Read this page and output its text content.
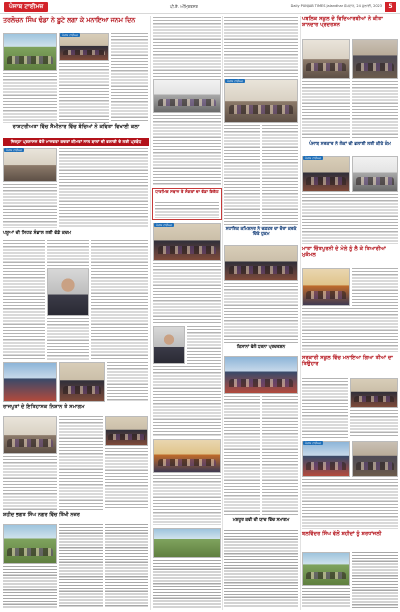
ਪੰਜਾਬ ਟਾਈਮਜ਼	ਪੀ.ਏ. ਅੰਮ੍ਰਿਤਸਰ	Daily PUNJAB TIMES Jalandhar ਸੋਮਵਾਰ, 24 ਜੁਲਾਈ, 2023	5
ਤਰਲੋਚਨ ਸਿੰਘ ਢੰਡਾ ਨੇ ਬੂਟੇ ਲਗਾ ਕੇ ਮਨਾਇਆ ਜਨਮ ਦਿਨ
ਰਾਸ਼ਟਰੀਅਤਾ ਵਿੱਚ ਸੈਮੀਨਾਰ ਵਿੱਚ ਬੱਚਿਆਂ ਨੇ ਕਵਿਤਾ ਵਿਖਾਈ ਕਲਾ
ਜ਼ਿਲ੍ਹਾ ਪ੍ਰਸ਼ਾਸਨ ਵੱਲੋਂ ਮਾਨਵਤਾ ਕਦਰਾਂ ਕੀਮਤਾਂ ਨਾਲ ਬਾਲਾਂ ਦੀ ਭਲਾਈ ਦੇ ਲਈ ਪ੍ਰਬੰਧ
ਪਸ਼ੂਆਂ ਦੀ ਸਿਹਤ ਸੰਭਾਲ ਲਈ ਵੱਡੇ ਕਦਮ
ਰਾਜਪੂਤਾਂ ਦੇ ਇਤਿਹਾਸਕ ਨਿਸ਼ਾਨ ਤੇ ਸਮਾਗਮ
ਸ਼ਹੀਦ ਭਗਤ ਸਿੰਘ ਨਗਰ ਵਿੱਚ ਤਿੱਖੀ ਨਜ਼ਰ
ਧਾਰਮਿਕ ਸਥਾਨ ਤੇ ਸੰਗਤਾਂ ਦਾ ਵੱਡਾ ਇਕੱਠ
ਸਹਾਇਕ ਕਮਿਸ਼ਨਰ ਨੇ ਦਫ਼ਤਰ ਦਾ ਦੌਰਾ ਕਰਕੇ ਦਿੱਤੇ ਹੁਕਮ
ਕਿਸਾਨਾਂ ਵੱਲੋਂ ਧਰਨਾ ਪ੍ਰਦਰਸ਼ਨ
ਮਸ਼ਹੂਰ ਕਵੀ ਦੀ ਯਾਦ ਵਿੱਚ ਸਮਾਗਮ
ਪਬਲਿਕ ਸਕੂਲ ਦੇ ਵਿਦਿਆਰਥੀਆਂ ਨੇ ਕੀਤਾ ਸ਼ਾਨਦਾਰ ਪ੍ਰਦਰਸ਼ਨ
ਪੰਜਾਬ ਸਰਕਾਰ ਨੇ ਲੋਕਾਂ ਦੀ ਭਲਾਈ ਲਈ ਕੀਤੇ ਕੰਮ
ਮਾਤਾ ਚਿੰਤਪੂਰਨੀ ਦੇ ਮੇਲੇ ਨੂੰ ਲੈ ਕੇ ਤਿਆਰੀਆਂ ਮੁਕੰਮਲ
ਸਰਕਾਰੀ ਸਕੂਲ ਵਿੱਚ ਮਨਾਇਆ ਗਿਆ ਤੀਆਂ ਦਾ ਤਿਉਹਾਰ
ਬਲਵਿੰਦਰ ਸਿੰਘ ਵੱਲੋਂ ਸ਼ਹੀਦਾਂ ਨੂੰ ਸ਼ਰਧਾਂਜਲੀ
ਪੰਜਾਬ ਟਾਈਮਜ਼
ਪੰਜਾਬ ਟਾਈਮਜ਼
ਪੰਜਾਬ ਟਾਈਮਜ਼
ਪੰਜਾਬ ਟਾਈਮਜ਼
ਪੰਜਾਬ ਟਾਈਮਜ਼
ਪੰਜਾਬ ਟਾਈਮਜ਼
